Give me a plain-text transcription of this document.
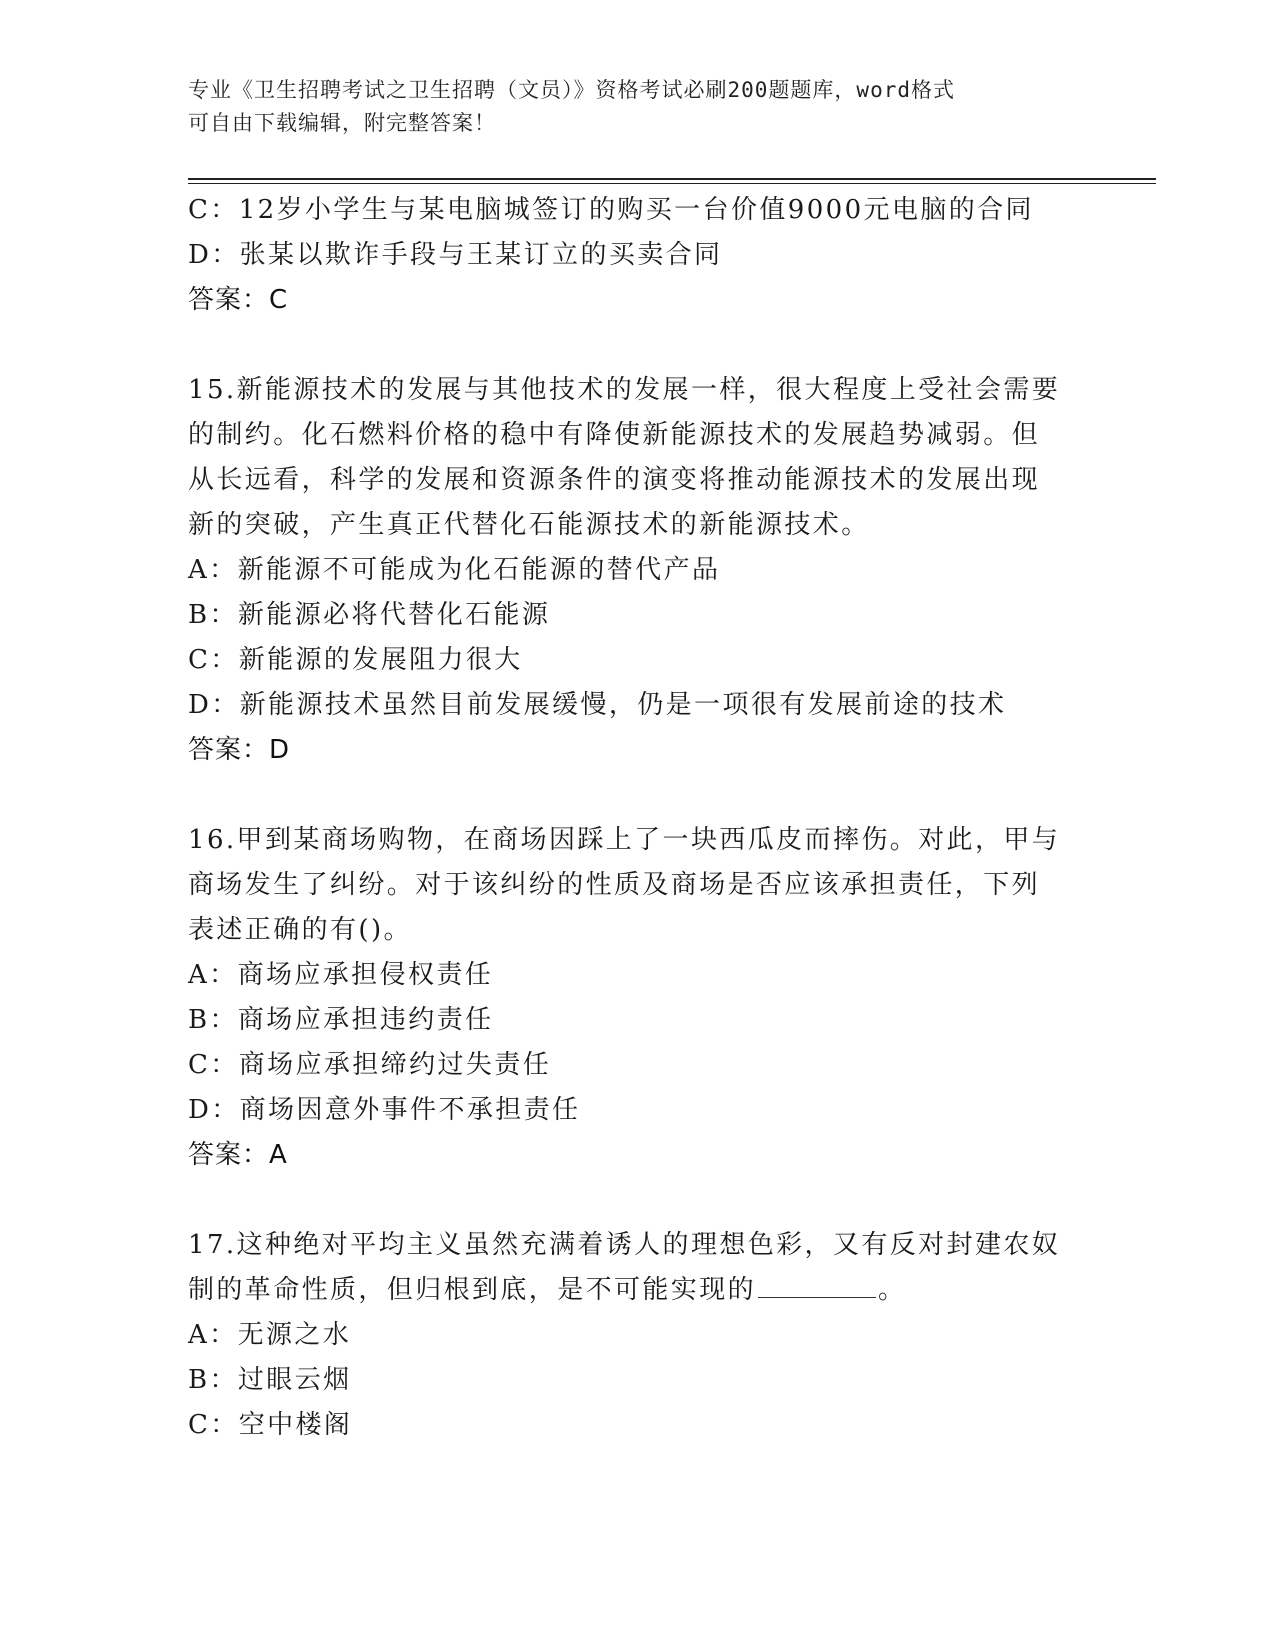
专业《卫生招聘考试之卫生招聘（文员）》资格考试必刷200题题库，word格式
可自由下载编辑，附完整答案！
C：12岁小学生与某电脑城签订的购买一台价值9000元电脑的合同
D：张某以欺诈手段与王某订立的买卖合同
答案：C
15.新能源技术的发展与其他技术的发展一样，很大程度上受社会需要
的制约。化石燃料价格的稳中有降使新能源技术的发展趋势减弱。但
从长远看，科学的发展和资源条件的演变将推动能源技术的发展出现
新的突破，产生真正代替化石能源技术的新能源技术。
A：新能源不可能成为化石能源的替代产品
B：新能源必将代替化石能源
C：新能源的发展阻力很大
D：新能源技术虽然目前发展缓慢，仍是一项很有发展前途的技术
答案：D
16.甲到某商场购物，在商场因踩上了一块西瓜皮而摔伤。对此，甲与
商场发生了纠纷。对于该纠纷的性质及商场是否应该承担责任，下列
表述正确的有()。
A：商场应承担侵权责任
B：商场应承担违约责任
C：商场应承担缔约过失责任
D：商场因意外事件不承担责任
答案：A
17.这种绝对平均主义虽然充满着诱人的理想色彩，又有反对封建农奴
制的革命性质，但归根到底，是不可能实现的	。
A：无源之水
B：过眼云烟
C：空中楼阁
